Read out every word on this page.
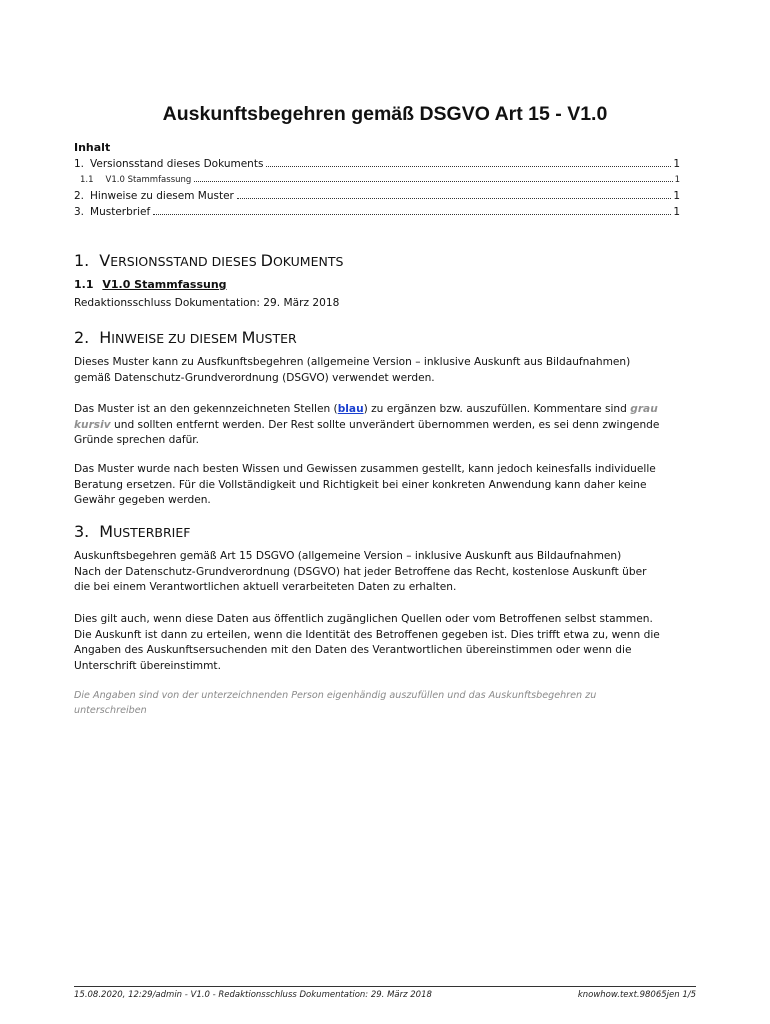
Auskunftsbegehren gemäß DSGVO Art 15 - V1.0
Inhalt
1. Versionsstand dieses Dokuments	1
1.1 V1.0 Stammfassung	1
2. Hinweise zu diesem Muster	1
3. Musterbrief	1
1. VERSIONSSTAND DIESES DOKUMENTS
1.1 V1.0 Stammfassung
Redaktionsschluss Dokumentation: 29. März 2018
2. HINWEISE ZU DIESEM MUSTER
Dieses Muster kann zu Ausfkunftsbegehren (allgemeine Version – inklusive Auskunft aus Bildaufnahmen)
gemäß Datenschutz-Grundverordnung (DSGVO) verwendet werden.
Das Muster ist an den gekennzeichneten Stellen (blau) zu ergänzen bzw. auszufüllen. Kommentare sind grau
kursiv und sollten entfernt werden. Der Rest sollte unverändert übernommen werden, es sei denn zwingende
Gründe sprechen dafür.
Das Muster wurde nach besten Wissen und Gewissen zusammen gestellt, kann jedoch keinesfalls individuelle
Beratung ersetzen. Für die Vollständigkeit und Richtigkeit bei einer konkreten Anwendung kann daher keine
Gewähr gegeben werden.
3. MUSTERBRIEF
Auskunftsbegehren gemäß Art 15 DSGVO (allgemeine Version – inklusive Auskunft aus Bildaufnahmen)
Nach der Datenschutz-Grundverordnung (DSGVO) hat jeder Betroffene das Recht, kostenlose Auskunft über
die bei einem Verantwortlichen aktuell verarbeiteten Daten zu erhalten.
Dies gilt auch, wenn diese Daten aus öffentlich zugänglichen Quellen oder vom Betroffenen selbst stammen.
Die Auskunft ist dann zu erteilen, wenn die Identität des Betroffenen gegeben ist. Dies trifft etwa zu, wenn die
Angaben des Auskunftsersuchenden mit den Daten des Verantwortlichen übereinstimmen oder wenn die
Unterschrift übereinstimmt.
Die Angaben sind von der unterzeichnenden Person eigenhändig auszufüllen und das Auskunftsbegehren zu
unterschreiben
15.08.2020, 12:29/admin - V1.0 - Redaktionsschluss Dokumentation: 29. März 2018	knowhow.text.98065jen 1/5
